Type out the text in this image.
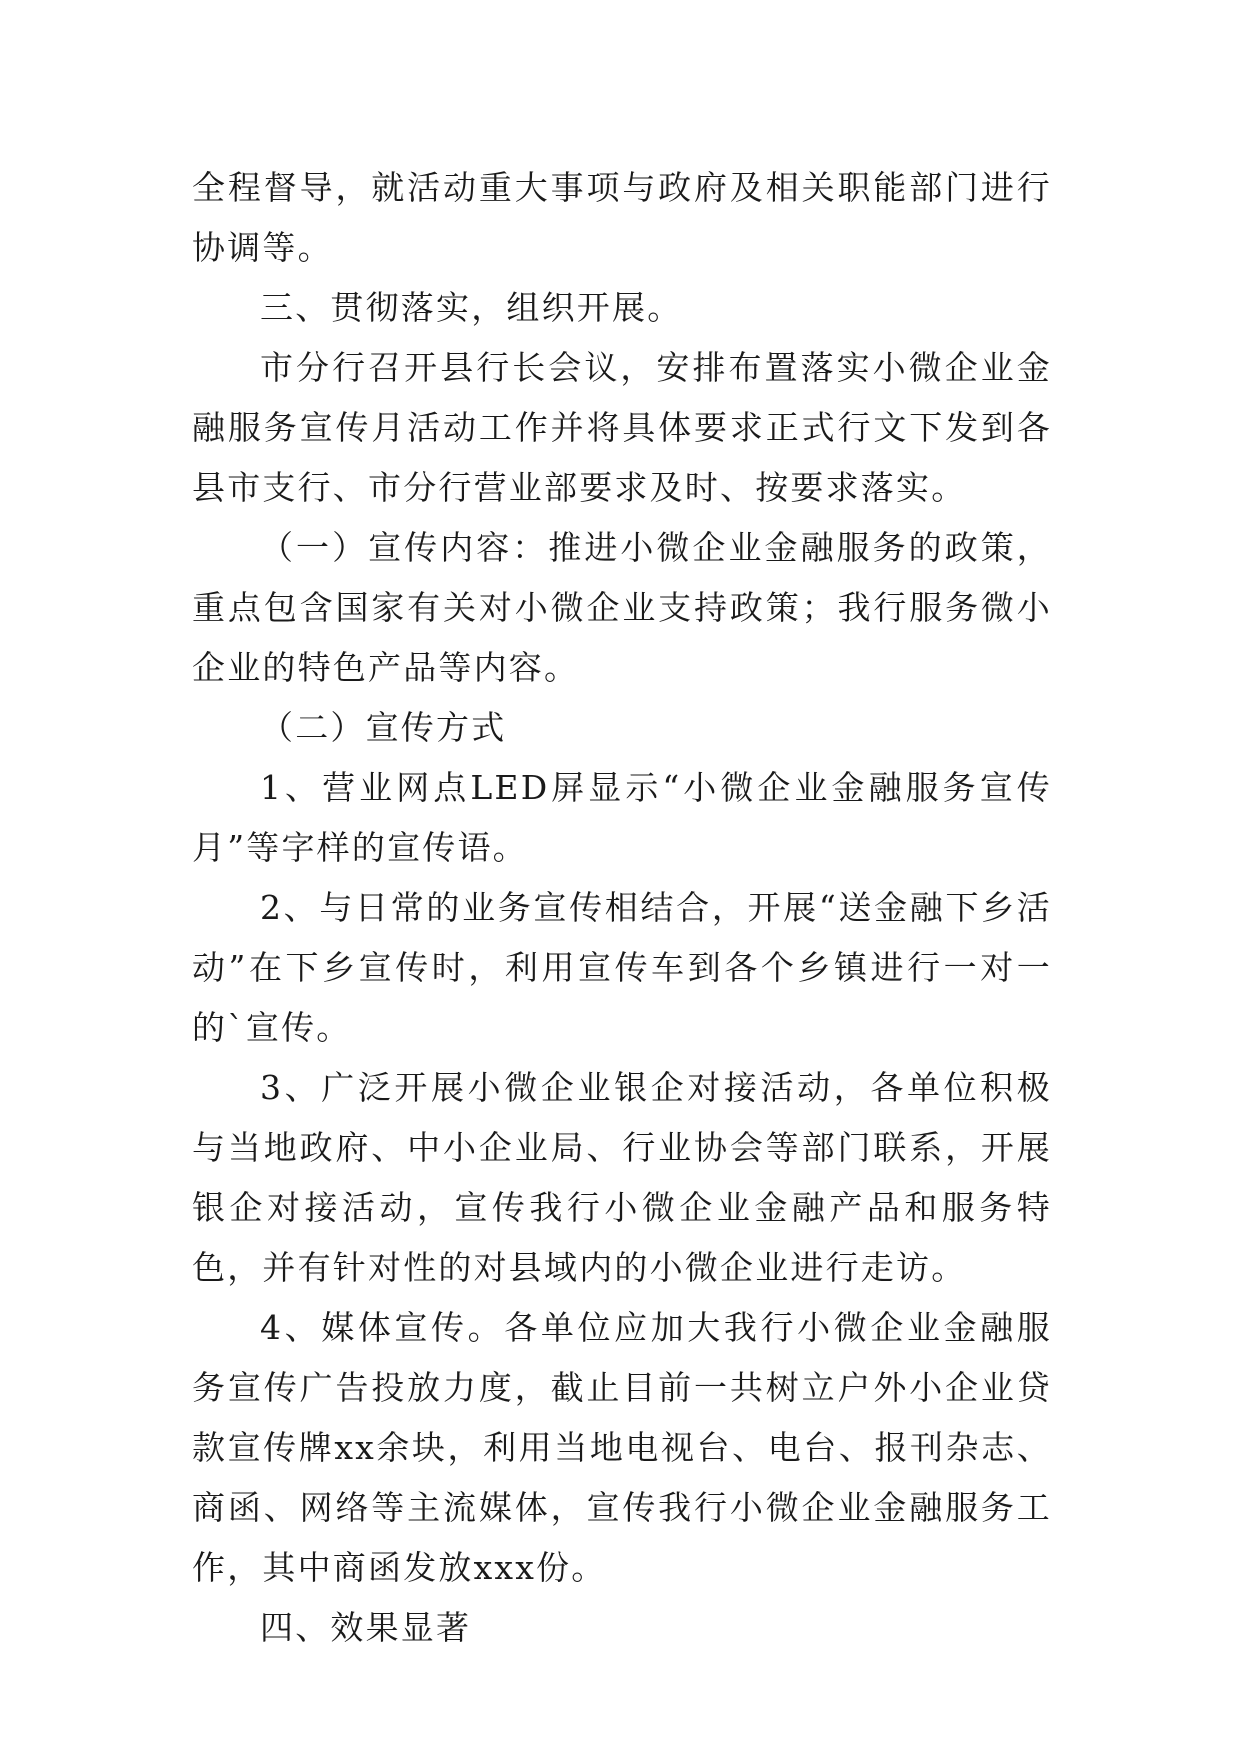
全程督导，就活动重大事项与政府及相关职能部门进行协调等。

三、贯彻落实，组织开展。

市分行召开县行长会议，安排布置落实小微企业金融服务宣传月活动工作并将具体要求正式行文下发到各县市支行、市分行营业部要求及时、按要求落实。

（一）宣传内容：推进小微企业金融服务的政策，重点包含国家有关对小微企业支持政策；我行服务微小企业的特色产品等内容。

（二）宣传方式

1、营业网点LED屏显示“小微企业金融服务宣传月”等字样的宣传语。

2、与日常的业务宣传相结合，开展“送金融下乡活动”在下乡宣传时，利用宣传车到各个乡镇进行一对一的`宣传。

3、广泛开展小微企业银企对接活动，各单位积极与当地政府、中小企业局、行业协会等部门联系，开展银企对接活动，宣传我行小微企业金融产品和服务特色，并有针对性的对县域内的小微企业进行走访。

4、媒体宣传。各单位应加大我行小微企业金融服务宣传广告投放力度，截止目前一共树立户外小企业贷款宣传牌xx余块，利用当地电视台、电台、报刊杂志、商函、网络等主流媒体，宣传我行小微企业金融服务工作，其中商函发放xxx份。

四、效果显著
